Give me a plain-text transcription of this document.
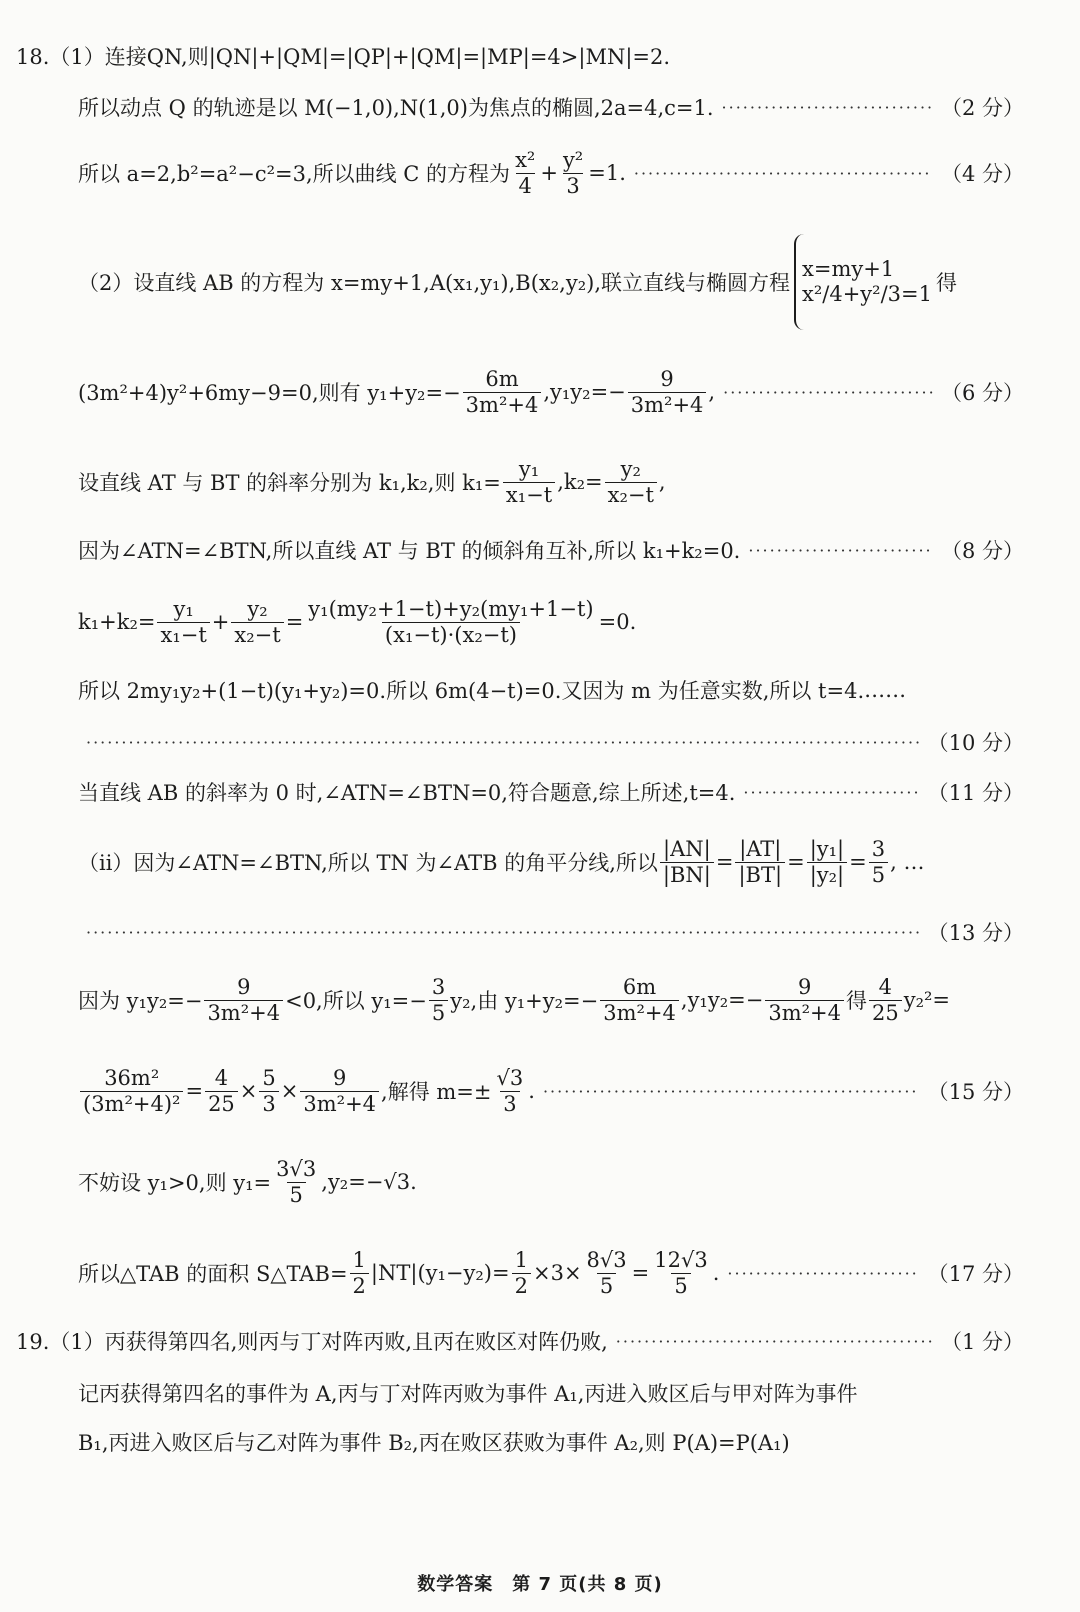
18.（1）连接 QN,则|QN|+|QM|=|QP|+|QM|=|MP|=4>|MN|=2.
所以动点 Q 的轨迹是以 M(−1,0),N(1,0)为焦点的椭圆,2a=4,c=1. ·····	（2 分）
所以 a=2,b²=a²−c²=3,所以曲线 C 的方程为 $\frac{\text{x²}}{4} + \frac{\text{y²}}{3} =1$. ·····	（4 分）
（2）设直线 AB 的方程为 x=my+1,A(x₁,y₁),B(x₂,y₂),联立直线与椭圆方程
x=my+1
x²/4+y²/3=1 得
(3m²+4)y²+6my−9=0,则有 $y_1+y_2=- \frac{6m}{\text{3m²+4}} ,y_1y_2=- \frac{9}{\text{3m²+4}}$ , ·····	（6 分）
设直线 AT 与 BT 的斜率分别为 k₁,k₂,则 $k_1= \frac{\text{y₁}}{\text{x₁−t}} ,k_2= \frac{\text{y₂}}{\text{x₂−t}}$ ,
因为∠ATN=∠BTN,所以直线 AT 与 BT 的倾斜角互补,所以 k₁+k₂=0. ·····	（8 分）
$k_1+k_2= \frac{\text{y₁}}{\text{x₁−t}} + \frac{\text{y₂}}{\text{x₂−t}} = \frac{\text{y₁(my₂+1−t)+y₂(my₁+1−t)}}{\text{(x₁−t)·(x₂−t)}} =0$.
所以 2my₁y₂+(1−t)(y₁+y₂)=0.所以 6m(4−t)=0.又因为 m 为任意实数,所以 t=4. ……
·····
（10 分）
当直线 AB 的斜率为 0 时,∠ATN=∠BTN=0,符合题意,综上所述,t=4. ·····	（11 分）
（ⅱ）因为∠ATN=∠BTN,所以 TN 为∠ATB 的角平分线,所以 $\frac{|AN|}{|BN|} = \frac{|AT|}{|BT|} = \frac{\text{|y₁|}}{\text{|y₂|}} = \frac{3}{5}$ , …
·····
（13 分）
因为 $y_1y_2=- \frac{9}{\text{3m²+4}} <0$,所以 $y_1=- \frac{3}{5} y_2$,由 $y_1+y_2=- \frac{6m}{\text{3m²+4}} ,y_1y_2=- \frac{9}{\text{3m²+4}}$ 得 $\frac{4}{25} y_2^2=$
$\frac{\text{36m²}}{\text{(3m²+4)²}} = \frac{4}{25} \times \frac{5}{3} \times \frac{9}{\text{3m²+4}}$ ,解得 $m=\pm \frac{√3}{3}$ . ·····	（15 分）
不妨设 y₁>0,则 $y_1= \frac{3√3}{5} ,y_2=-√3$.
所以△TAB 的面积 S△TAB= $\frac{1}{2} |NT|(y_1-y_2)= \frac{1}{2} \times 3\times \frac{8√3}{5} = \frac{12√3}{5}$ . ·····	（17 分）
19.（1）丙获得第四名,则丙与丁对阵丙败,且丙在败区对阵仍败, ·····	（1 分）
记丙获得第四名的事件为 A,丙与丁对阵丙败为事件 A₁,丙进入败区后与甲对阵为事件
B₁,丙进入败区后与乙对阵为事件 B₂,丙在败区获败为事件 A₂,则 P(A)=P(A₁)
数学答案　第 7 页(共 8 页)
